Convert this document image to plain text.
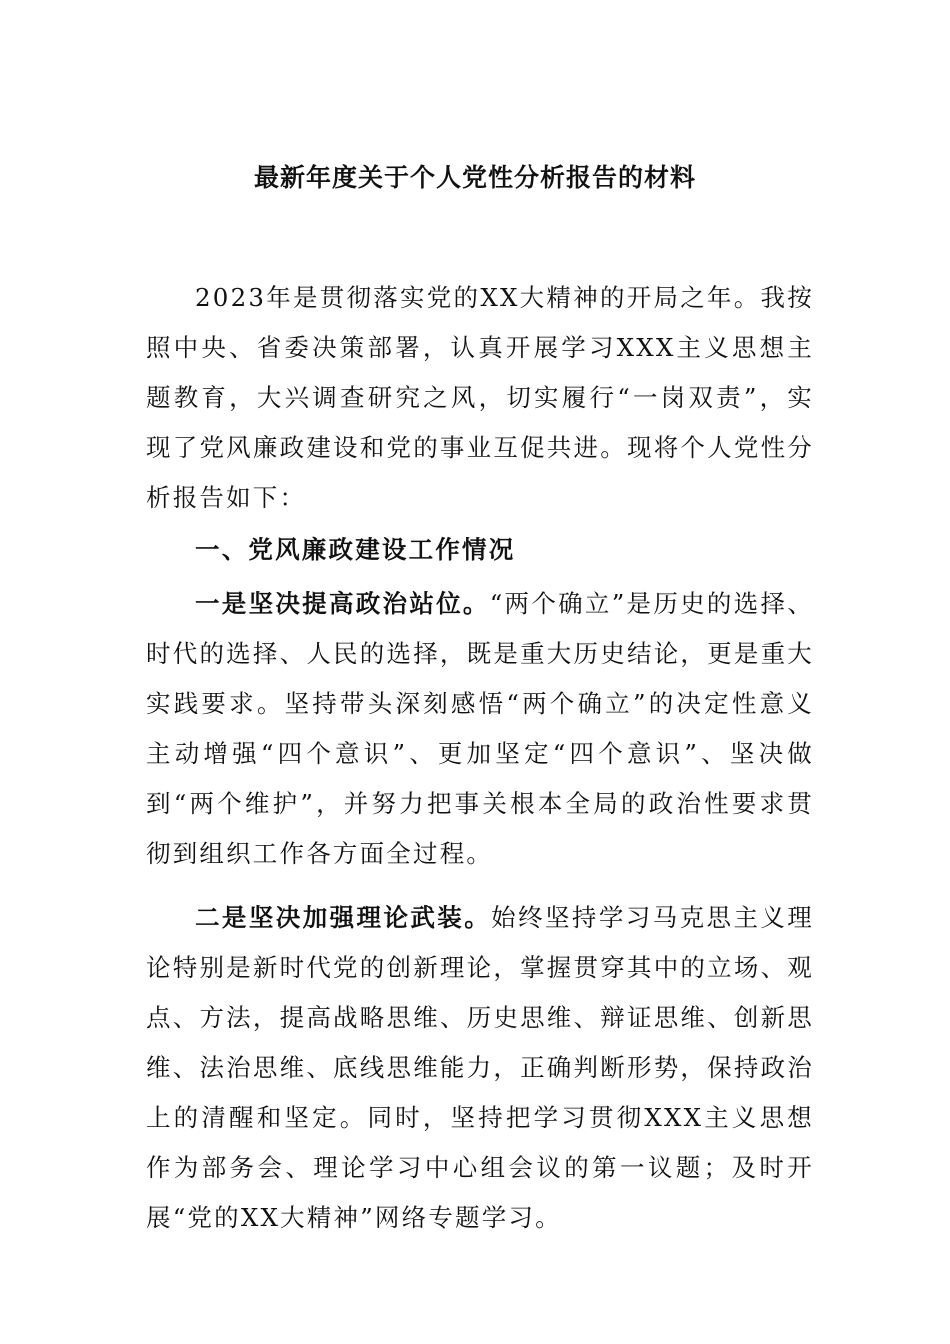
最新年度关于个人党性分析报告的材料

2023年是贯彻落实党的XX大精神的开局之年。我按照中央、省委决策部署，认真开展学习XXX主义思想主题教育，大兴调查研究之风，切实履行“一岗双责”，实现了党风廉政建设和党的事业互促共进。现将个人党性分析报告如下：

一、党风廉政建设工作情况

一是坚决提高政治站位。“两个确立”是历史的选择、时代的选择、人民的选择，既是重大历史结论，更是重大实践要求。坚持带头深刻感悟“两个确立”的决定性意义主动增强“四个意识”、更加坚定“四个意识”、坚决做到“两个维护”，并努力把事关根本全局的政治性要求贯彻到组织工作各方面全过程。

二是坚决加强理论武装。始终坚持学习马克思主义理论特别是新时代党的创新理论，掌握贯穿其中的立场、观点、方法，提高战略思维、历史思维、辩证思维、创新思维、法治思维、底线思维能力，正确判断形势，保持政治上的清醒和坚定。同时，坚持把学习贯彻XXX主义思想作为部务会、理论学习中心组会议的第一议题；及时开展“党的XX大精神”网络专题学习。
